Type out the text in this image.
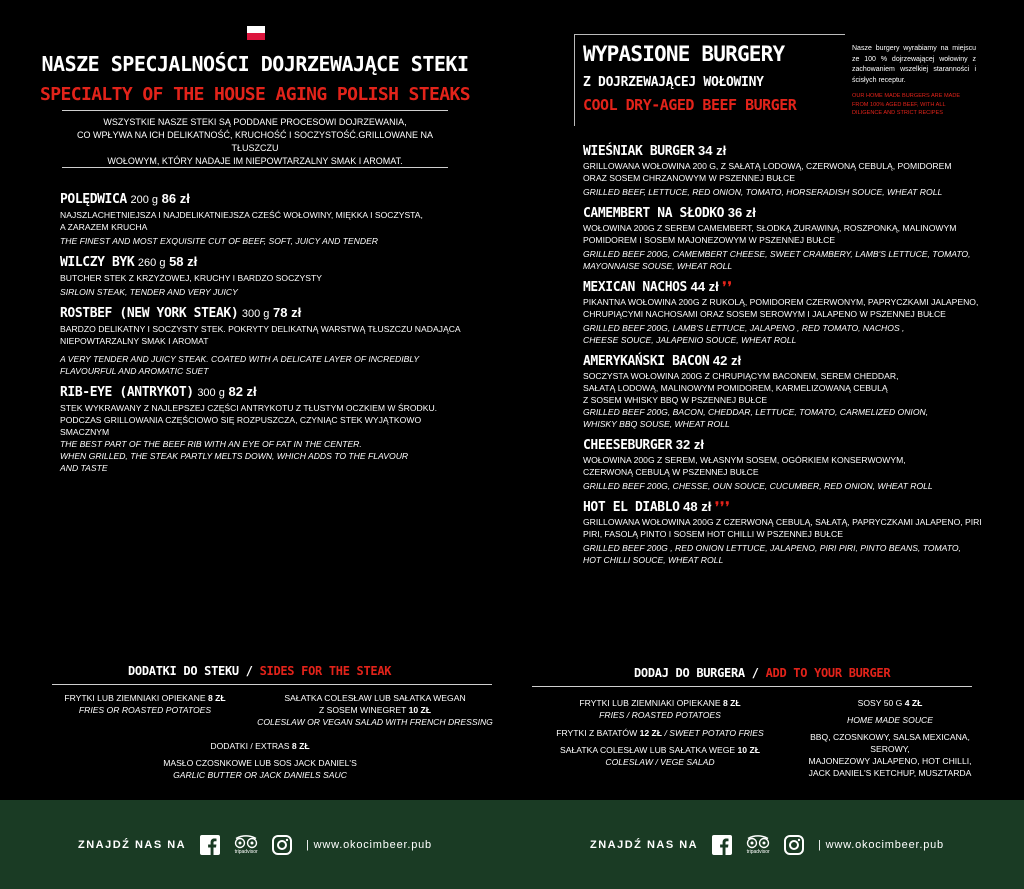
NASZE SPECJALNOŚCI DOJRZEWAJĄCE STEKI
SPECIALTY OF THE HOUSE AGING POLISH STEAKS
WSZYSTKIE NASZE STEKI SĄ PODDANE PROCESOWI DOJRZEWANIA,
CO WPŁYWA NA ICH DELIKATNOŚĆ, KRUCHOŚĆ I SOCZYSTOŚĆ.GRILLOWANE NA TŁUSZCZU
WOŁOWYM, KTÓRY NADAJE IM NIEPOWTARZALNY SMAK I AROMAT.
POLĘDWICA 200 g 86 zł
NAJSZLACHETNIEJSZA I NAJDELIKATNIEJSZA CZEŚĆ WOŁOWINY, MIĘKKA I SOCZYSTA,
A ZARAZEM KRUCHA
THE FINEST AND MOST EXQUISITE CUT OF BEEF, SOFT, JUICY AND TENDER
WILCZY BYK 260 g 58 zł
BUTCHER STEK Z KRZYŻOWEJ, KRUCHY I BARDZO SOCZYSTY
SIRLOIN STEAK, TENDER AND VERY JUICY
ROSTBEF (NEW YORK STEAK) 300 g 78 zł
BARDZO DELIKATNY I SOCZYSTY STEK. POKRYTY DELIKATNĄ WARSTWĄ TŁUSZCZU NADAJĄCA
NIEPOWTARZALNY SMAK I AROMAT
A VERY TENDER AND JUICY STEAK. COATED WITH A DELICATE LAYER OF INCREDIBLY
FLAVOURFUL AND AROMATIC SUET
RIB-EYE (ANTRYKOT) 300 g 82 zł
STEK WYKRAWANY Z NAJLEPSZEJ CZĘŚCI ANTRYKOTU Z TŁUSTYM OCZKIEM W ŚRODKU.
PODCZAS GRILLOWANIA CZĘŚCIOWO SIĘ ROZPUSZCZA, CZYNIĄC STEK WYJĄTKOWO SMACZNYM
THE BEST PART OF THE BEEF RIB WITH AN EYE OF FAT IN THE CENTER.
WHEN GRILLED, THE STEAK PARTLY MELTS DOWN, WHICH ADDS TO THE FLAVOUR
AND TASTE
WYPASIONE BURGERY
Z DOJRZEWAJĄCEJ WOŁOWINY
COOL DRY-AGED BEEF BURGER
Nasze burgery wyrabiamy na miejscu ze 100 % dojrzewającej wołowiny z zachowaniem wszelkiej staranności i ścisłych receptur.
OUR HOME MADE BURGERS ARE MADE FROM 100% AGED BEEF, WITH ALL DILIGENCE AND STRICT RECIPES
WIEŚNIAK BURGER 34 zł
GRILLOWANA WOŁOWINA 200 G, Z SAŁATĄ LODOWĄ, CZERWONĄ CEBULĄ, POMIDOREM
ORAZ SOSEM CHRZANOWYM W PSZENNEJ BUŁCE
GRILLED BEEF, LETTUCE, RED ONION, TOMATO, HORSERADISH SOUCE, WHEAT ROLL
CAMEMBERT NA SŁODKO 36 zł
WOŁOWINA 200G Z SEREM CAMEMBERT, SŁODKĄ ŻURAWINĄ, ROSZPONKĄ, MALINOWYM
POMIDOREM I SOSEM MAJONEZOWYM W PSZENNEJ BUŁCE
GRILLED BEEF 200G, CAMEMBERT CHEESE, SWEET CRAMBERY, LAMB'S LETTUCE, TOMATO,
MAYONNAISE SOUSE, WHEAT ROLL
MEXICAN NACHOS 44 zł ❜❜
PIKANTNA WOŁOWINA 200G Z RUKOLĄ, POMIDOREM CZERWONYM, PAPRYCZKAMI JALAPENO,
CHRUPIĄCYMI NACHOSAMI ORAZ SOSEM SEROWYM I JALAPENO W PSZENNEJ BUŁCE
GRILLED BEEF 200G, LAMB'S LETTUCE, JALAPENO , RED TOMATO, NACHOS ,
CHEESE SOUCE, JALAPENIO SOUCE, WHEAT ROLL
AMERYKAŃSKI BACON 42 zł
SOCZYSTA WOŁOWINA 200G Z CHRUPIĄCYM BACONEM, SEREM CHEDDAR,
SAŁATĄ LODOWĄ, MALINOWYM POMIDOREM, KARMELIZOWANĄ CEBULĄ
Z SOSEM WHISKY BBQ W PSZENNEJ BUŁCE
GRILLED BEEF 200G, BACON, CHEDDAR, LETTUCE, TOMATO, CARMELIZED ONION,
WHISKY BBQ SOUSE, WHEAT ROLL
CHEESEBURGER 32 zł
WOŁOWINA 200G Z SEREM, WŁASNYM SOSEM, OGÓRKIEM KONSERWOWYM,
CZERWONĄ CEBULĄ W PSZENNEJ BUŁCE
GRILLED BEEF 200G, CHESSE, OUN SOUCE, CUCUMBER, RED ONION, WHEAT ROLL
HOT EL DIABLO 48 zł ❜❜❜
GRILLOWANA WOŁOWINA 200G Z CZERWONĄ CEBULĄ, SAŁATĄ, PAPRYCZKAMI JALAPENO, PIRI
PIRI, FASOLĄ PINTO I SOSEM HOT CHILLI W PSZENNEJ BUŁCE
GRILLED BEEF 200G , RED ONION LETTUCE, JALAPENO, PIRI PIRI, PINTO BEANS, TOMATO,
HOT CHILLI SOUCE, WHEAT ROLL
DODATKI DO STEKU / SIDES FOR THE STEAK
FRYTKI LUB ZIEMNIAKI OPIEKANE 8 ZŁ
FRIES OR ROASTED POTATOES
SAŁATKA COLESŁAW LUB SAŁATKA WEGAN
Z SOSEM WINEGRET 10 ZŁ
COLESLAW OR VEGAN SALAD WITH FRENCH DRESSING
DODATKI / EXTRAS 8 ZŁ
MASŁO CZOSNKOWE LUB SOS JACK DANIEL'S
GARLIC BUTTER OR JACK DANIELS SAUC
DODAJ DO BURGERA / ADD TO YOUR BURGER
FRYTKI LUB ZIEMNIAKI OPIEKANE 8 ZŁ
FRIES / ROASTED POTATOES
FRYTKI Z BATATÓW 12 ZŁ / SWEET POTATO FRIES
SAŁATKA COLESŁAW LUB SAŁATKA WEGE 10 ZŁ
COLESLAW / VEGE SALAD
SOSY 50 G 4 ZŁ
HOME MADE SOUCE
BBQ, CZOSNKOWY, SALSA MEXICANA, SEROWY,
MAJONEZOWY JALAPENO, HOT CHILLI,
JACK DANIEL'S KETCHUP, MUSZTARDA
ZNAJDŹ NAS NA
tripadvisor
| www.okocimbeer.pub	ZNAJDŹ NAS NA
tripadvisor
| www.okocimbeer.pub
